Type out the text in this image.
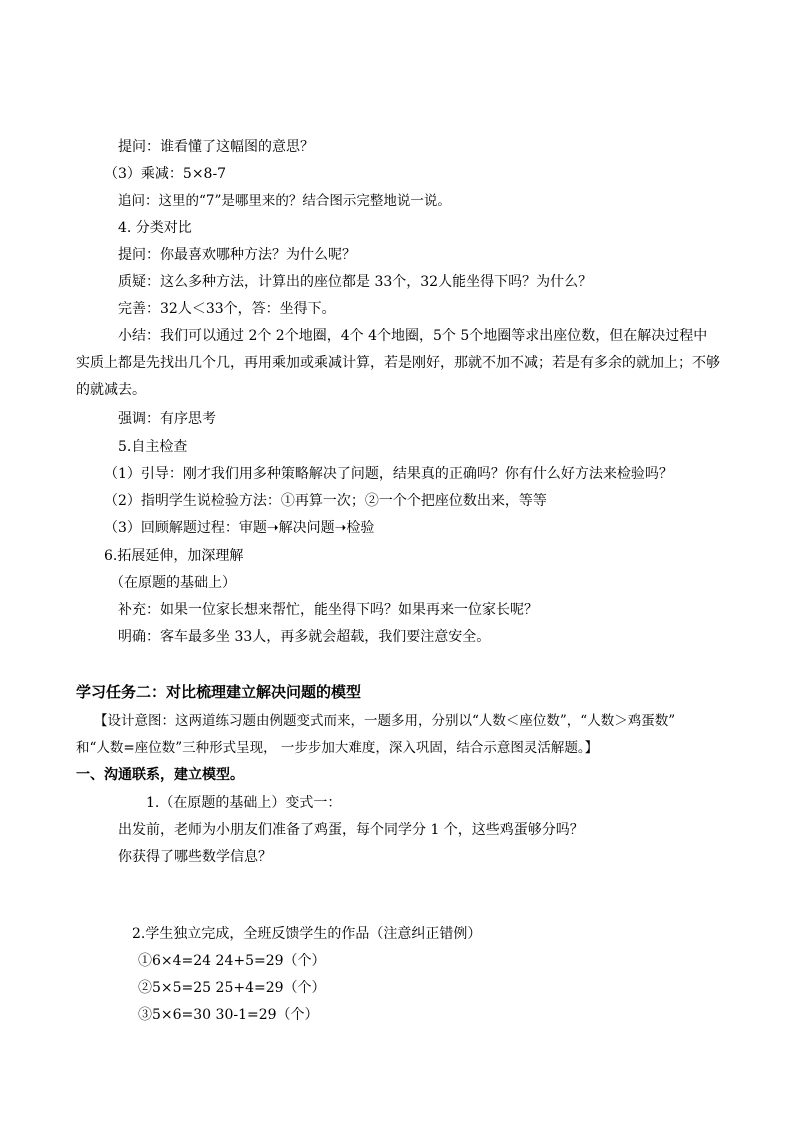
提问：谁看懂了这幅图的意思？
（3）乘减：5×8-7
追问：这里的“7”是哪里来的？结合图示完整地说一说。
4. 分类对比
提问：你最喜欢哪种方法？为什么呢？
质疑：这么多种方法，计算出的座位都是 33个，32人能坐得下吗？为什么？
完善：32人＜33个，答：坐得下。
小结：我们可以通过 2个 2个地圈，4个 4个地圈，5个 5个地圈等求出座位数，但在解决过程中
实质上都是先找出几个几，再用乘加或乘减计算，若是刚好，那就不加不减；若是有多余的就加上；不够
的就减去。
强调：有序思考
5.自主检查
（1）引导：刚才我们用多种策略解决了问题，结果真的正确吗？你有什么好方法来检验吗？
（2）指明学生说检验方法：①再算一次；②一个个把座位数出来，等等
（3）回顾解题过程：审题➝解决问题➝检验
6.拓展延伸，加深理解
（在原题的基础上）
补充：如果一位家长想来帮忙，能坐得下吗？如果再来一位家长呢？
明确：客车最多坐 33人，再多就会超载，我们要注意安全。
学习任务二：对比梳理建立解决问题的模型
【设计意图：这两道练习题由例题变式而来，一题多用，分别以“人数＜座位数”，“人数＞鸡蛋数”
和“人数=座位数”三种形式呈现， 一步步加大难度，深入巩固，结合示意图灵活解题。】
一、沟通联系，建立模型。
1.（在原题的基础上）变式一：
出发前，老师为小朋友们准备了鸡蛋，每个同学分 1 个，这些鸡蛋够分吗？
你获得了哪些数学信息？
2.学生独立完成，全班反馈学生的作品（注意纠正错例）
①6×4=24 24+5=29（个）
②5×5=25 25+4=29（个）
③5×6=30 30-1=29（个）
